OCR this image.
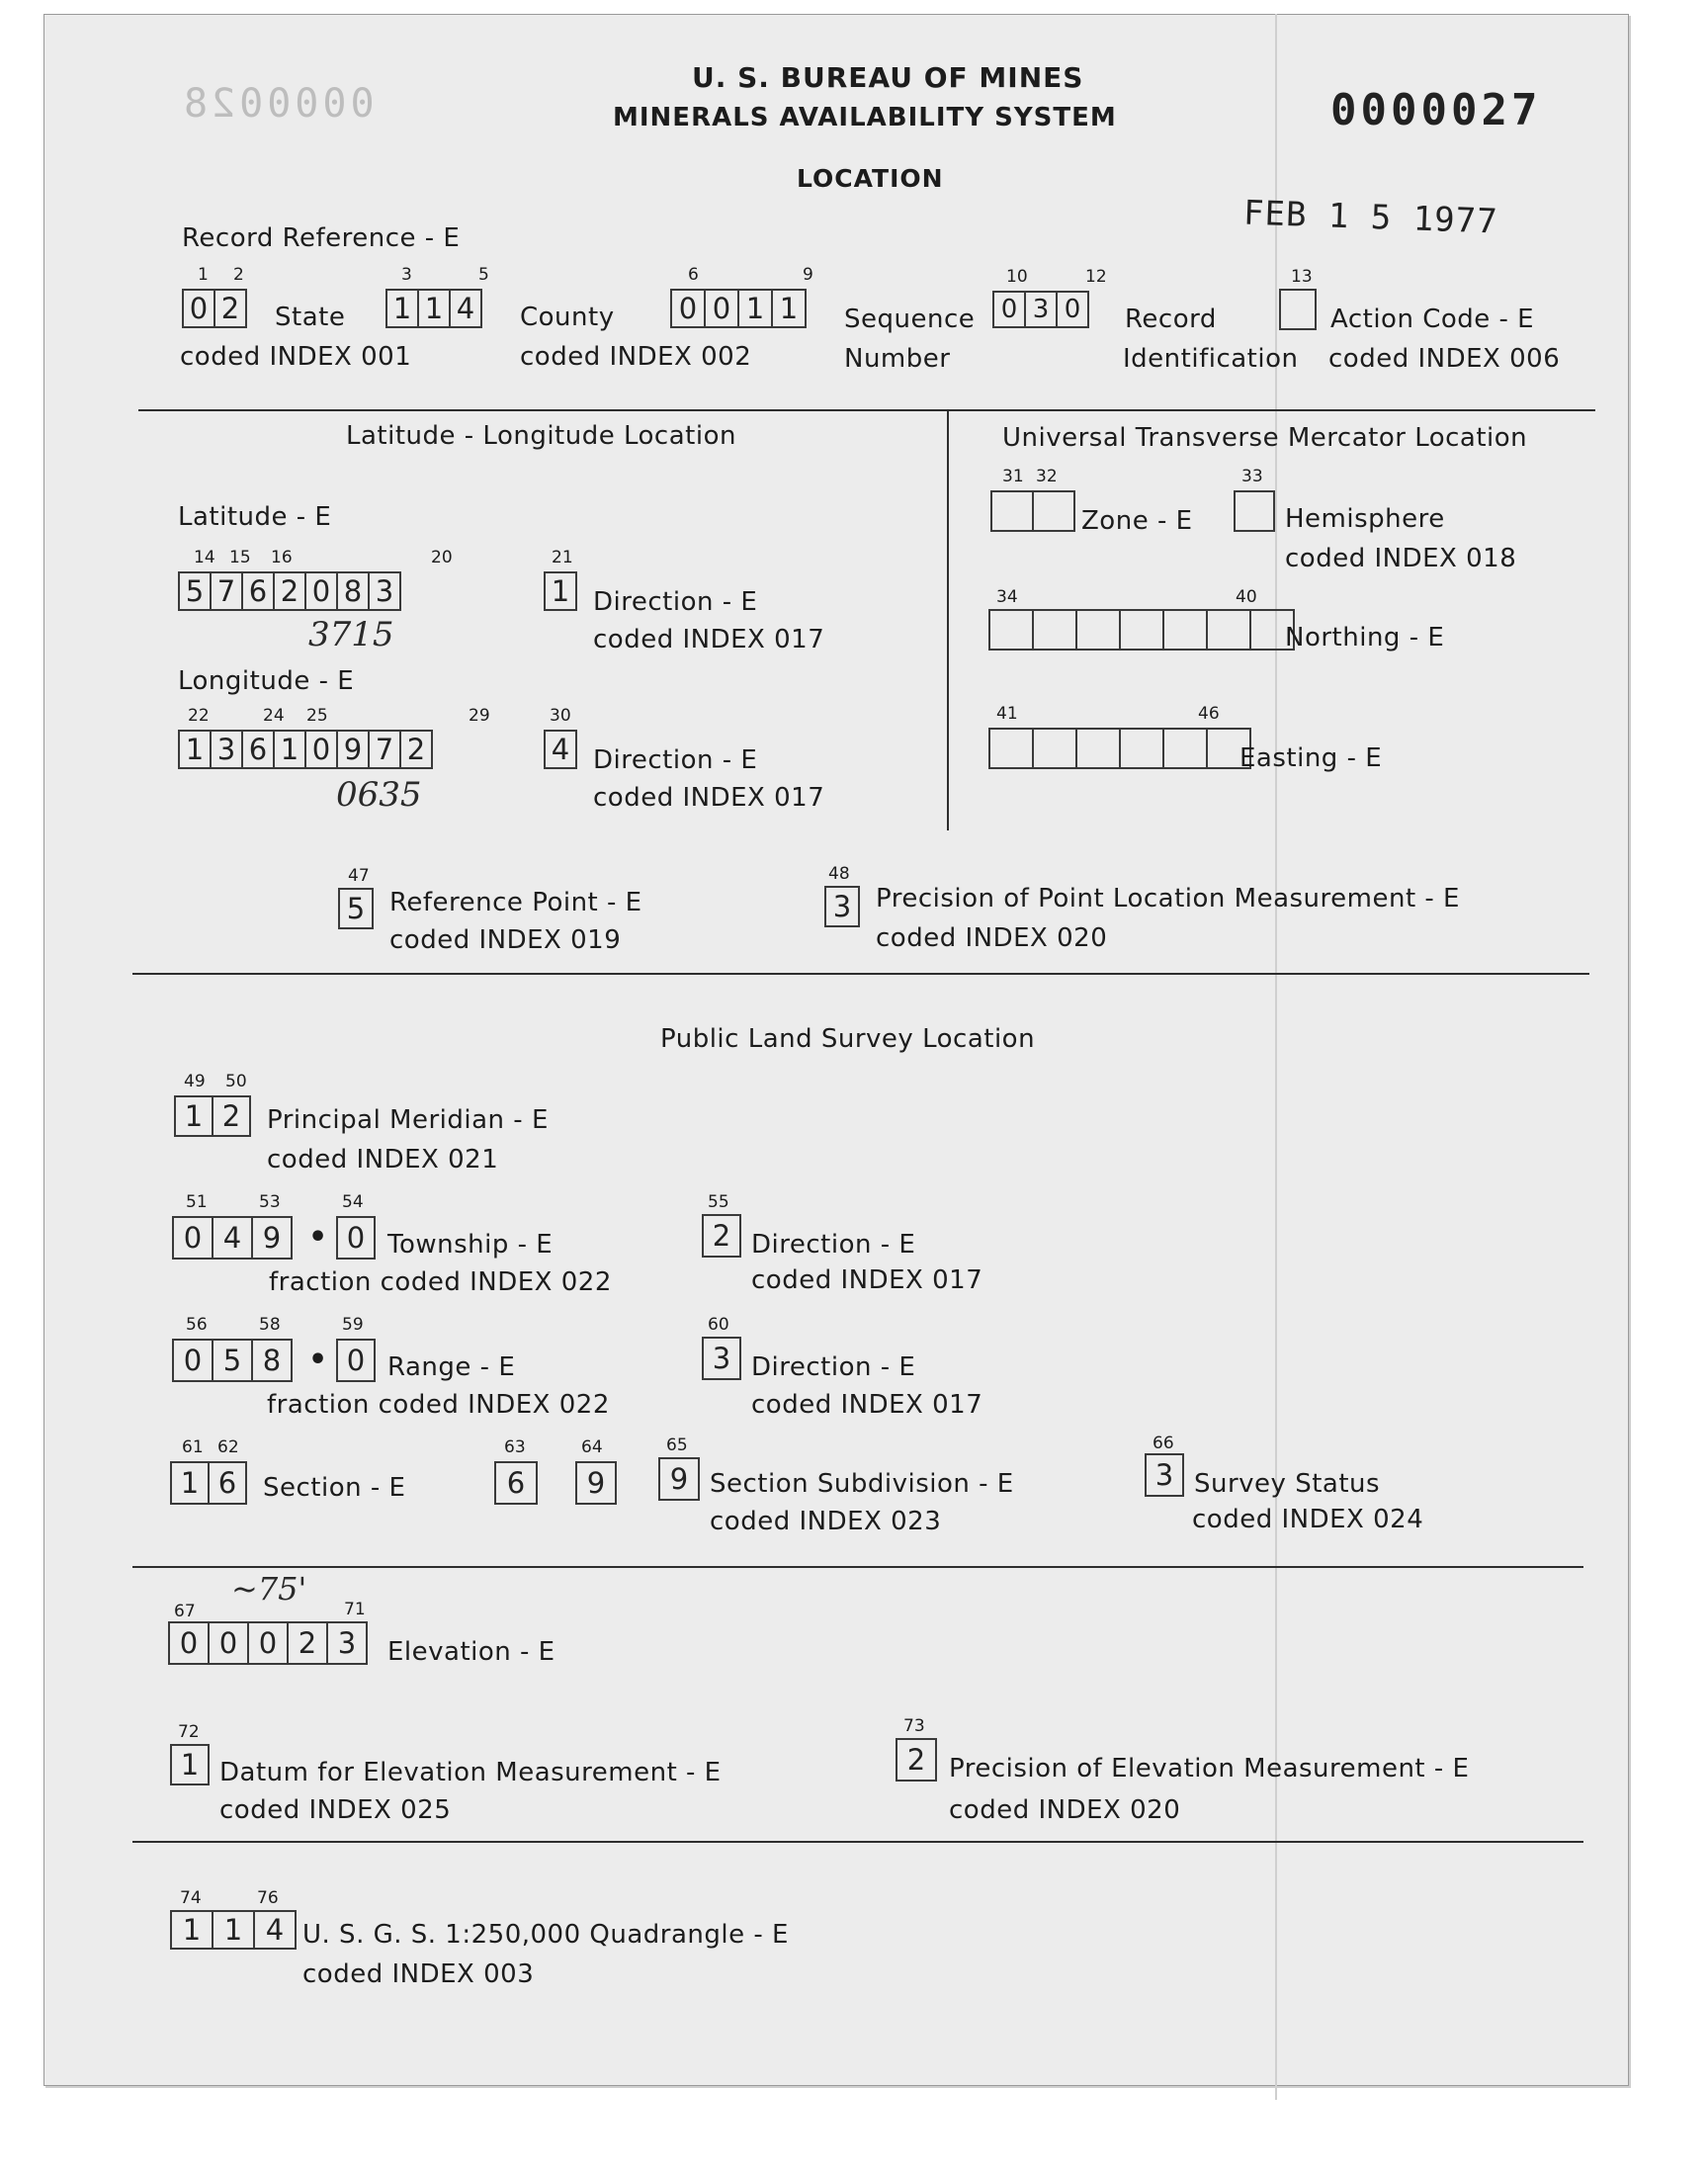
U. S. BUREAU OF MINES
MINERALS AVAILABILITY SYSTEM
LOCATION
0000027
0000028
FEB 1 5 1977
Record Reference - E
1 2
0 2 State
coded INDEX 001
3	5
1 1 4 County
coded INDEX 002
6	9
0 0 1 1	Sequence
Number
10	12
0 3 0	Record
Identification
13
Action Code - E
coded INDEX 006
Latitude - Longitude Location
Latitude - E
14 15 16	20
5 7 6 2 0 8 3
3715
21
1 Direction - E
coded INDEX 017
Longitude - E
22	24 25	29
1 3 6 1 0 9 7 2
0635
30
4 Direction - E
coded INDEX 017
Universal Transverse Mercator Location
31 32
Zone - E
33
Hemisphere
coded INDEX 018
34	40
Northing - E
41	46
Easting - E
47
5 Reference Point - E
coded INDEX 019
48
3 Precision of Point Location Measurement - E
coded INDEX 020
Public Land Survey Location
49 50
1 2	Principal Meridian - E
coded INDEX 021
51	53	54
0 4 9 • 0 Township - E
fraction coded INDEX 022
55
2 Direction - E
coded INDEX 017
56	58	59
0 5 8 • 0 Range - E
fraction coded INDEX 022
60
3 Direction - E
coded INDEX 017
61 62
1 6	Section - E
63	64	65
6	9	9 Section Subdivision - E
coded INDEX 023
66
3 Survey Status
coded INDEX 024
~75'
67	71
0 0 0 2 3	Elevation - E
72
1 Datum for Elevation Measurement - E
coded INDEX 025
73
2 Precision of Elevation Measurement - E
coded INDEX 020
74	76
1 1 4 U. S. G. S. 1:250,000 Quadrangle - E
coded INDEX 003
